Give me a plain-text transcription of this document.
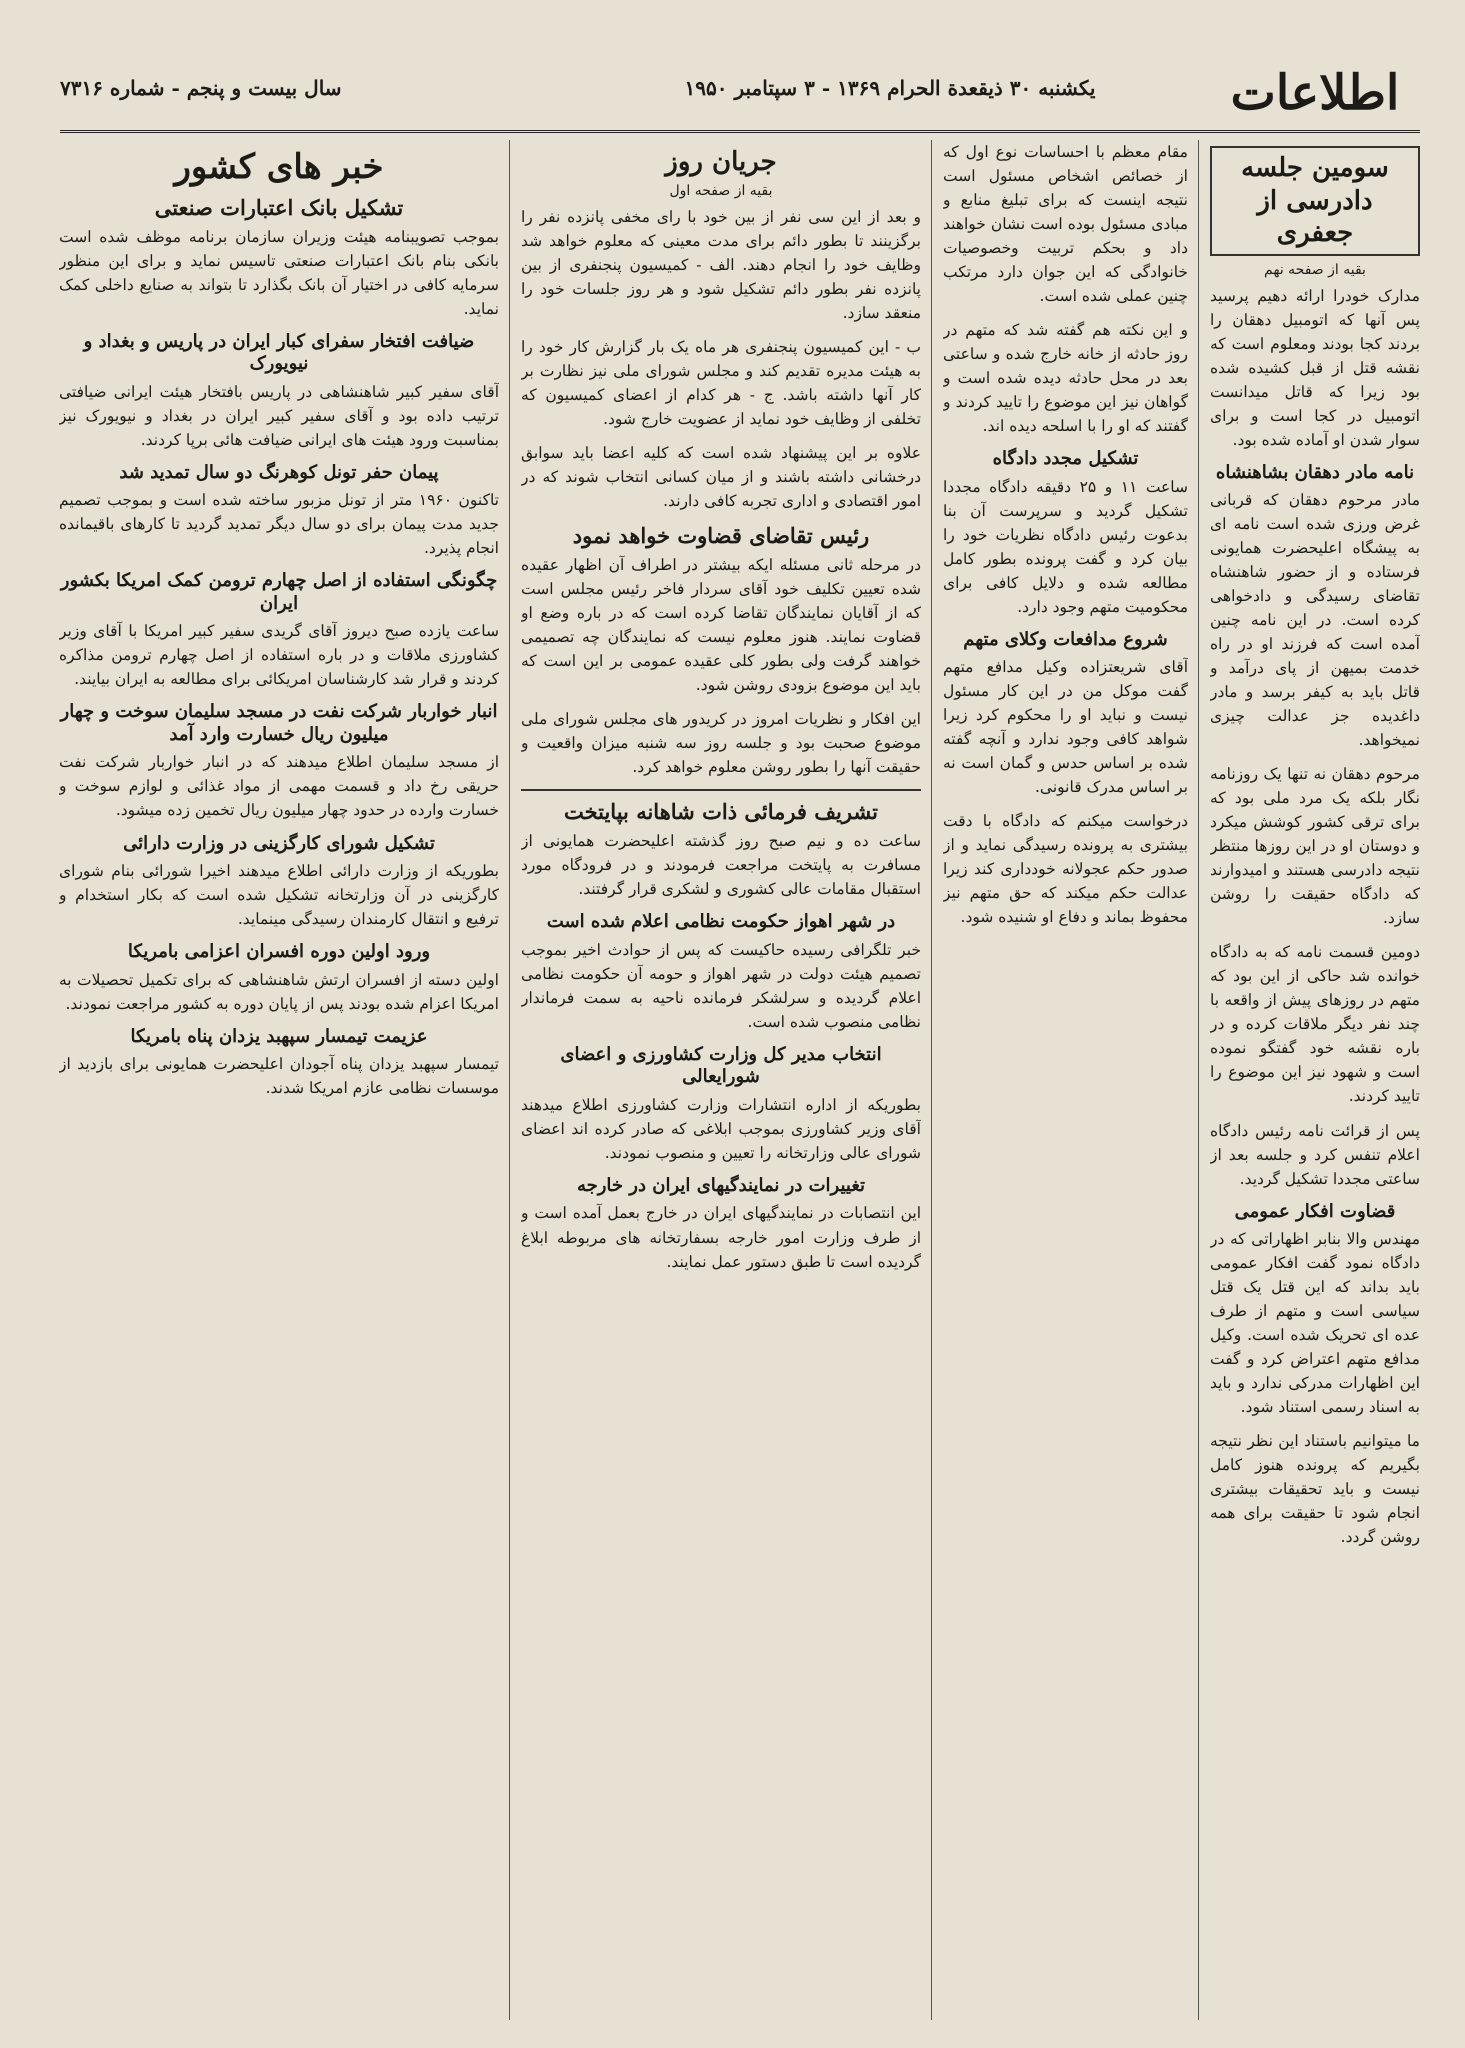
اطلاعات
یکشنبه ۳۰ ذیقعدة الحرام ۱۳۶۹ - ۳ سپتامبر ۱۹۵۰
سال بیست و پنجم - شماره ۷۳۱۶
سومین جلسه دادرسی از جعفری
بقیه از صفحه نهم

مدارک خودرا ارائه دهیم پرسید پس آنها که اتومبیل دهقان را بردند کجا بودند ومعلوم است که نقشه قتل از قبل کشیده شده بود زیرا که قاتل میدانست اتومبیل در کجا است و برای سوار شدن او آماده شده بود.

نامه مادر دهقان بشاهنشاه

مادر مرحوم دهقان که قربانی غرض ورزی شده است نامه ای به پیشگاه اعلیحضرت همایونی فرستاده و از حضور شاهنشاه تقاضای رسیدگی و دادخواهی کرده است. در این نامه چنین آمده است که فرزند او در راه خدمت بمیهن از پای درآمد و قاتل باید به کیفر برسد و مادر داغدیده جز عدالت چیزی نمیخواهد.

مرحوم دهقان نه تنها یک روزنامه نگار بلکه یک مرد ملی بود که برای ترقی کشور کوشش میکرد و دوستان او در این روزها منتظر نتیجه دادرسی هستند و امیدوارند که دادگاه حقیقت را روشن سازد.

دومین قسمت نامه که به دادگاه خوانده شد حاکی از این بود که متهم در روزهای پیش از واقعه با چند نفر دیگر ملاقات کرده و در باره نقشه خود گفتگو نموده است و شهود نیز این موضوع را تایید کردند.

پس از قرائت نامه رئیس دادگاه اعلام تنفس کرد و جلسه بعد از ساعتی مجددا تشکیل گردید.

قضاوت افکار عمومی

مهندس والا بنابر اظهاراتی که در دادگاه نمود گفت افکار عمومی باید بداند که این قتل یک قتل سیاسی است و متهم از طرف عده ای تحریک شده است. وکیل مدافع متهم اعتراض کرد و گفت این اظهارات مدرکی ندارد و باید به اسناد رسمی استناد شود.

ما میتوانیم باستناد این نظر نتیجه بگیریم که پرونده هنوز کامل نیست و باید تحقیقات بیشتری انجام شود تا حقیقت برای همه روشن گردد.

مقام معظم با احساسات نوع اول که از خصائص اشخاص مسئول است نتیجه اینست که برای تبلیغ منابع و مبادی مسئول بوده است نشان خواهند داد و بحکم تربیت وخصوصیات خانوادگی که این جوان دارد مرتکب چنین عملی شده است.

و این نکته هم گفته شد که متهم در روز حادثه از خانه خارج شده و ساعتی بعد در محل حادثه دیده شده است و گواهان نیز این موضوع را تایید کردند و گفتند که او را با اسلحه دیده اند.

تشکیل مجدد دادگاه

ساعت ۱۱ و ۲۵ دقیقه دادگاه مجددا تشکیل گردید و سرپرست آن بنا بدعوت رئیس دادگاه نظریات خود را بیان کرد و گفت پرونده بطور کامل مطالعه شده و دلایل کافی برای محکومیت متهم وجود دارد.

شروع مدافعات وکلای متهم

آقای شریعتزاده وکیل مدافع متهم گفت موکل من در این کار مسئول نیست و نباید او را محکوم کرد زیرا شواهد کافی وجود ندارد و آنچه گفته شده بر اساس حدس و گمان است نه بر اساس مدرک قانونی.

درخواست میکنم که دادگاه با دقت بیشتری به پرونده رسیدگی نماید و از صدور حکم عجولانه خودداری کند زیرا عدالت حکم میکند که حق متهم نیز محفوظ بماند و دفاع او شنیده شود.

جریان روز
بقیه از صفحه اول

و بعد از این سی نفر از بین خود با رای مخفی پانزده نفر را برگزینند تا بطور دائم برای مدت معینی که معلوم خواهد شد وظایف خود را انجام دهند. الف - کمیسیون پنجنفری از بین پانزده نفر بطور دائم تشکیل شود و هر روز جلسات خود را منعقد سازد.

ب - این کمیسیون پنجنفری هر ماه یک بار گزارش کار خود را به هیئت مدیره تقدیم کند و مجلس شورای ملی نیز نظارت بر کار آنها داشته باشد. ج - هر کدام از اعضای کمیسیون که تخلفی از وظایف خود نماید از عضویت خارج شود.

علاوه بر این پیشنهاد شده است که کلیه اعضا باید سوابق درخشانی داشته باشند و از میان کسانی انتخاب شوند که در امور اقتصادی و اداری تجربه کافی دارند.

رئیس تقاضای قضاوت خواهد نمود

در مرحله ثانی مسئله ایکه بیشتر در اطراف آن اظهار عقیده شده تعیین تکلیف خود آقای سردار فاخر رئیس مجلس است که از آقایان نمایندگان تقاضا کرده است که در باره وضع او قضاوت نمایند. هنوز معلوم نیست که نمایندگان چه تصمیمی خواهند گرفت ولی بطور کلی عقیده عمومی بر این است که باید این موضوع بزودی روشن شود.

این افکار و نظریات امروز در کریدور های مجلس شورای ملی موضوع صحبت بود و جلسه روز سه شنبه میزان واقعیت و حقیقت آنها را بطور روشن معلوم خواهد کرد.

تشریف فرمائی ذات شاهانه بپایتخت

ساعت ده و نیم صبح روز گذشته اعلیحضرت همایونی از مسافرت به پایتخت مراجعت فرمودند و در فرودگاه مورد استقبال مقامات عالی کشوری و لشکری قرار گرفتند.

در شهر اهواز حکومت نظامی اعلام شده است

خبر تلگرافی رسیده حاکیست که پس از حوادث اخیر بموجب تصمیم هیئت دولت در شهر اهواز و حومه آن حکومت نظامی اعلام گردیده و سرلشکر فرمانده ناحیه به سمت فرماندار نظامی منصوب شده است.

انتخاب مدیر کل وزارت کشاورزی و اعضای شورایعالی

بطوریکه از اداره انتشارات وزارت کشاورزی اطلاع میدهند آقای وزیر کشاورزی بموجب ابلاغی که صادر کرده اند اعضای شورای عالی وزارتخانه را تعیین و منصوب نمودند.

تغییرات در نمایندگیهای ایران در خارجه

این انتصابات در نمایندگیهای ایران در خارج بعمل آمده است و از طرف وزارت امور خارجه بسفارتخانه های مربوطه ابلاغ گردیده است تا طبق دستور عمل نمایند.

خبر های کشور
تشکیل بانک اعتبارات صنعتی

بموجب تصویبنامه هیئت وزیران سازمان برنامه موظف شده است بانکی بنام بانک اعتبارات صنعتی تاسیس نماید و برای این منظور سرمایه کافی در اختیار آن بانک بگذارد تا بتواند به صنایع داخلی کمک نماید.

ضیافت افتخار سفرای کبار ایران در پاریس و بغداد و نیویورک

آقای سفیر کبیر شاهنشاهی در پاریس بافتخار هیئت ایرانی ضیافتی ترتیب داده بود و آقای سفیر کبیر ایران در بغداد و نیویورک نیز بمناسبت ورود هیئت های ایرانی ضیافت هائی برپا کردند.

پیمان حفر تونل کوهرنگ دو سال تمدید شد

تاکنون ۱۹۶۰ متر از تونل مزبور ساخته شده است و بموجب تصمیم جدید مدت پیمان برای دو سال دیگر تمدید گردید تا کارهای باقیمانده انجام پذیرد.

چگونگی استفاده از اصل چهارم ترومن کمک امریکا بکشور ایران

ساعت یازده صبح دیروز آقای گریدی سفیر کبیر امریکا با آقای وزیر کشاورزی ملاقات و در باره استفاده از اصل چهارم ترومن مذاکره کردند و قرار شد کارشناسان امریکائی برای مطالعه به ایران بیایند.

انبار خواربار شرکت نفت در مسجد سلیمان سوخت و چهار میلیون ریال خسارت وارد آمد

از مسجد سلیمان اطلاع میدهند که در انبار خواربار شرکت نفت حریقی رخ داد و قسمت مهمی از مواد غذائی و لوازم سوخت و خسارت وارده در حدود چهار میلیون ریال تخمین زده میشود.

تشکیل شورای کارگزینی در وزارت دارائی

بطوریکه از وزارت دارائی اطلاع میدهند اخیرا شورائی بنام شورای کارگزینی در آن وزارتخانه تشکیل شده است که بکار استخدام و ترفیع و انتقال کارمندان رسیدگی مینماید.

ورود اولین دوره افسران اعزامی بامریکا

اولین دسته از افسران ارتش شاهنشاهی که برای تکمیل تحصیلات به امریکا اعزام شده بودند پس از پایان دوره به کشور مراجعت نمودند.

عزیمت تیمسار سپهبد یزدان پناه بامریکا

تیمسار سپهبد یزدان پناه آجودان اعلیحضرت همایونی برای بازدید از موسسات نظامی عازم امریکا شدند.
